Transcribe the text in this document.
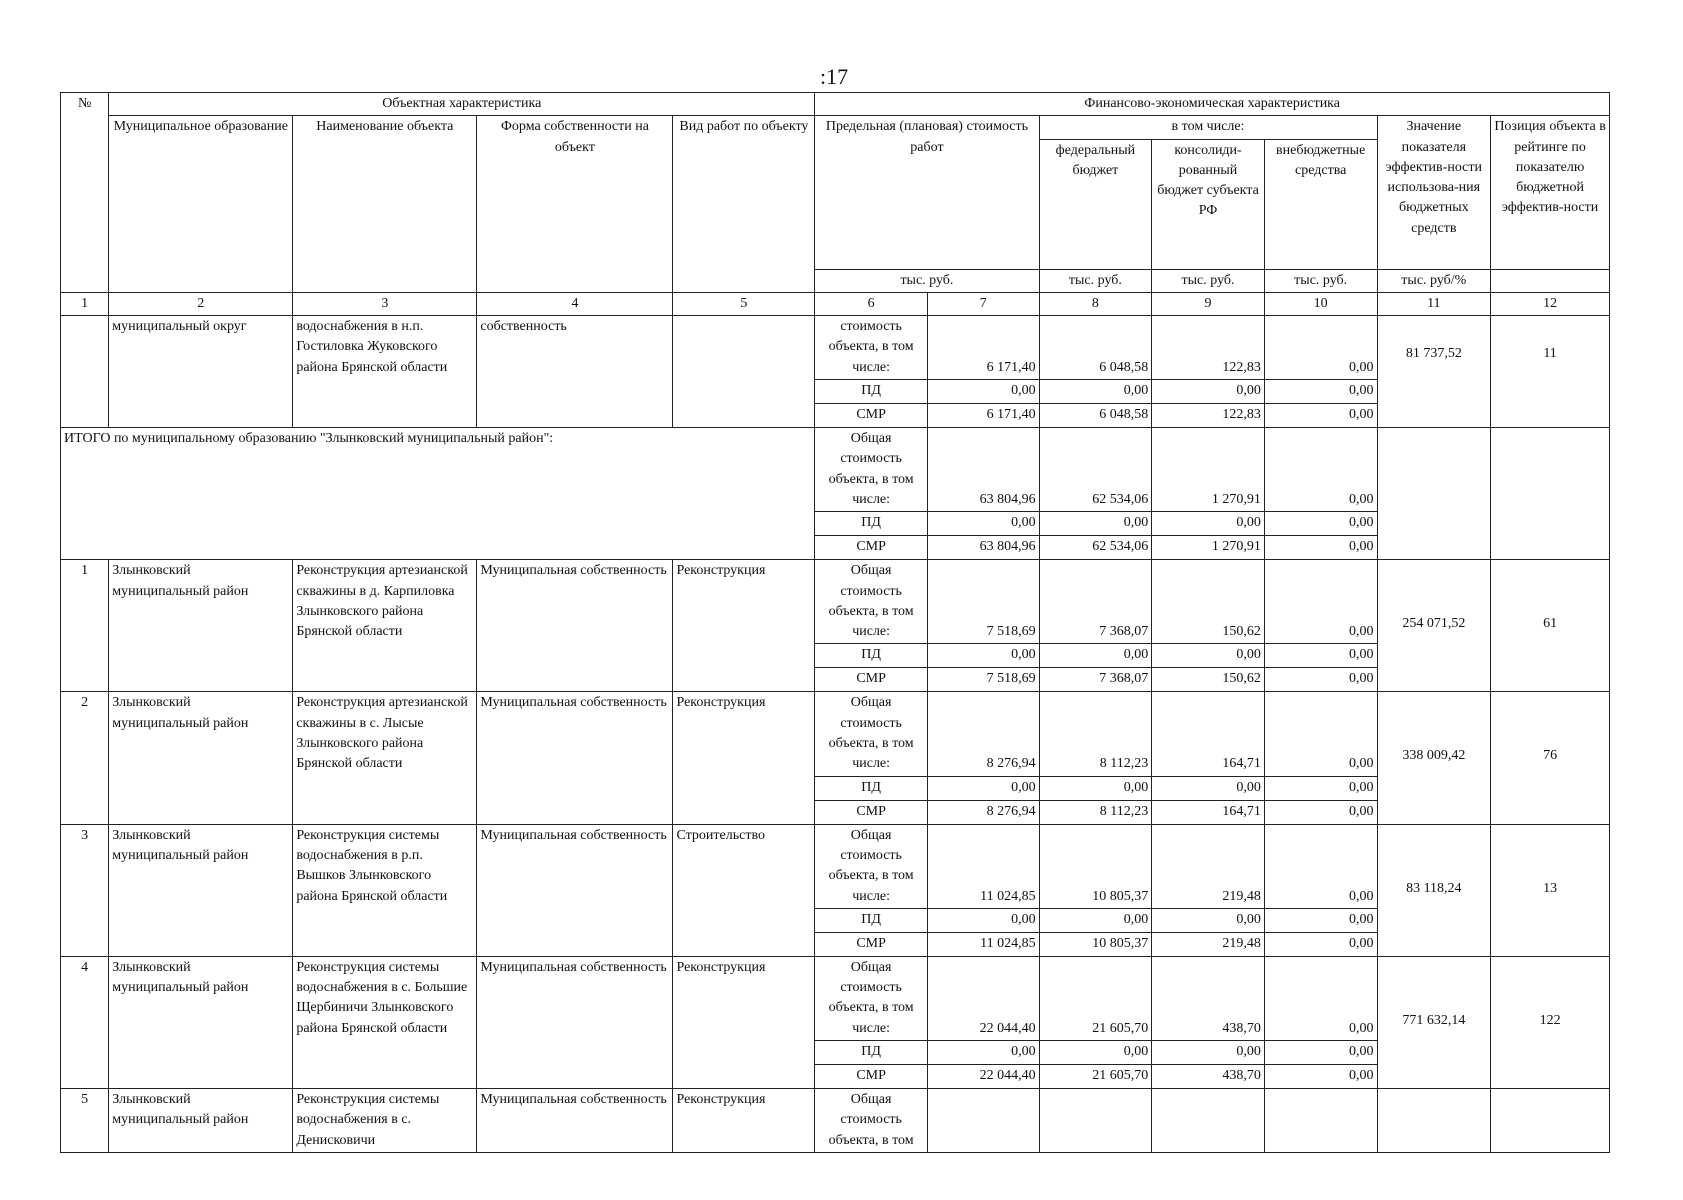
:17
№	Объектная характеристика				Финансово-экономическая характеристика						
	Муниципальное образование	Наименование объекта	Форма собственности на объект	Вид работ по объекту	Предельная (плановая) стоимость работ		в том числе:			Значение показателя эффектив-ности использова-ния бюджетных средств	Позиция объекта в рейтинге по показателю бюджетной эффектив-ности
							федеральный бюджет	консолиди-рованный бюджет субъекта РФ	внебюджетные средства		
					тыс. руб.		тыс. руб.	тыс. руб.	тыс. руб.	тыс. руб/%	
1	2	3	4	5	6	7	8	9	10	11	12
	муниципальный округ	водоснабжения в н.п. Гостиловка Жуковского района Брянской области	собственность		стоимость объекта, в том числе:	6 171,40	6 048,58	122,83	0,00	81 737,52	11
					ПД	0,00	0,00	0,00	0,00		
					СМР	6 171,40	6 048,58	122,83	0,00		
ИТОГО по муниципальному образованию "Злынковский муниципальный район":					Общая стоимость объекта, в том числе:	63 804,96	62 534,06	1 270,91	0,00		
					ПД	0,00	0,00	0,00	0,00		
					СМР	63 804,96	62 534,06	1 270,91	0,00		
1	Злынковский муниципальный район	Реконструкция артезианской скважины в д. Карпиловка Злынковского района Брянской области	Муниципальная собственность	Реконструкция	Общая стоимость объекта, в том числе:	7 518,69	7 368,07	150,62	0,00	254 071,52	61
					ПД	0,00	0,00	0,00	0,00		
					СМР	7 518,69	7 368,07	150,62	0,00		
2	Злынковский муниципальный район	Реконструкция артезианской скважины в с. Лысые Злынковского района Брянской области	Муниципальная собственность	Реконструкция	Общая стоимость объекта, в том числе:	8 276,94	8 112,23	164,71	0,00	338 009,42	76
					ПД	0,00	0,00	0,00	0,00		
					СМР	8 276,94	8 112,23	164,71	0,00		
3	Злынковский муниципальный район	Реконструкция системы водоснабжения в р.п. Вышков Злынковского района Брянской области	Муниципальная собственность	Строительство	Общая стоимость объекта, в том числе:	11 024,85	10 805,37	219,48	0,00	83 118,24	13
					ПД	0,00	0,00	0,00	0,00		
					СМР	11 024,85	10 805,37	219,48	0,00		
4	Злынковский муниципальный район	Реконструкция системы водоснабжения в с. Большие Щербиничи Злынковского района Брянской области	Муниципальная собственность	Реконструкция	Общая стоимость объекта, в том числе:	22 044,40	21 605,70	438,70	0,00	771 632,14	122
					ПД	0,00	0,00	0,00	0,00		
					СМР	22 044,40	21 605,70	438,70	0,00		
5	Злынковский муниципальный район	Реконструкция системы водоснабжения в с. Денисковичи	Муниципальная собственность	Реконструкция	Общая стоимость объекта, в том						
